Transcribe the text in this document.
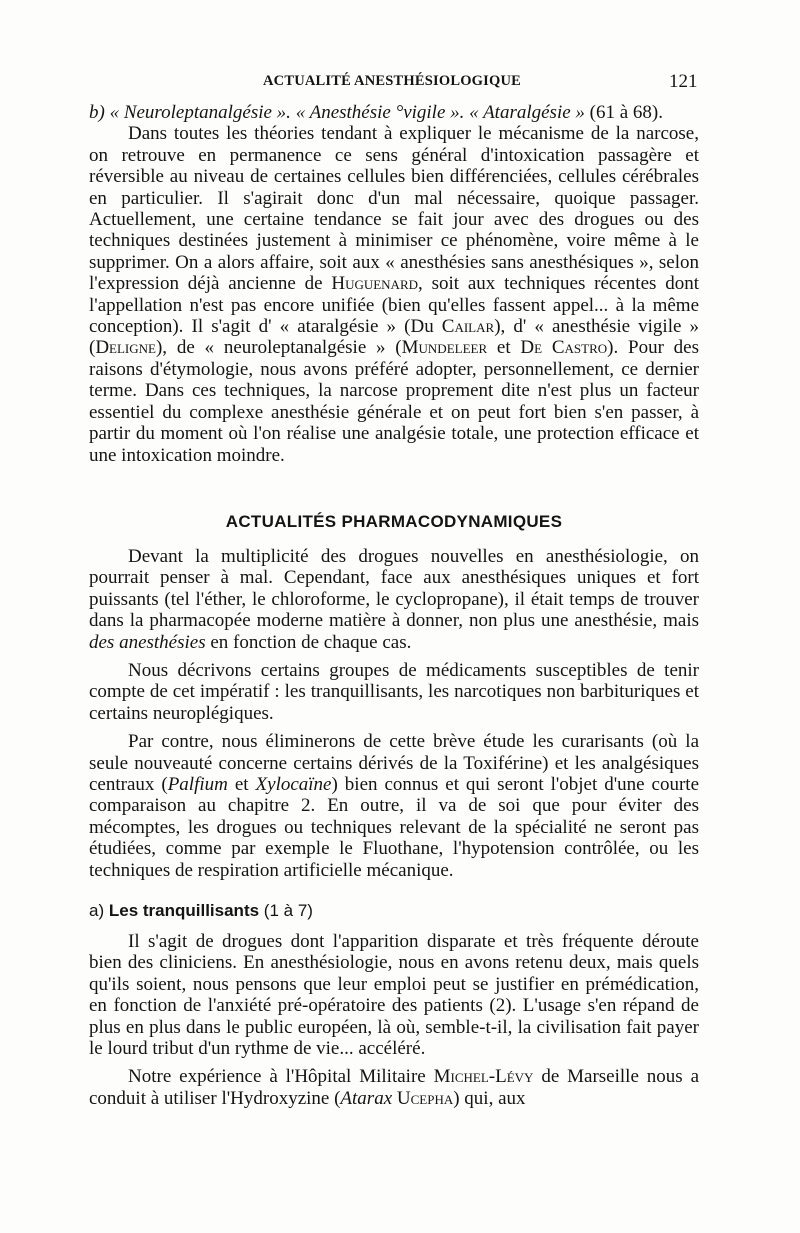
ACTUALITÉ ANESTHÉSIOLOGIQUE	121

b) « Neuroleptanalgésie ». « Anesthésie °vigile ». « Ataralgésie » (61 à 68).

Dans toutes les théories tendant à expliquer le mécanisme de la narcose, on retrouve en permanence ce sens général d'intoxication passagère et réversible au niveau de certaines cellules bien différenciées, cellules cérébrales en particulier. Il s'agirait donc d'un mal nécessaire, quoique passager. Actuellement, une certaine tendance se fait jour avec des drogues ou des techniques destinées justement à minimiser ce phénomène, voire même à le supprimer. On a alors affaire, soit aux « anesthésies sans anesthésiques », selon l'expression déjà ancienne de Huguenard, soit aux techniques récentes dont l'appellation n'est pas encore unifiée (bien qu'elles fassent appel... à la même conception). Il s'agit d' « ataralgésie » (Du Cailar), d' « anesthésie vigile » (Deligne), de « neuroleptanalgésie » (Mundeleer et De Castro). Pour des raisons d'étymologie, nous avons préféré adopter, personnellement, ce dernier terme. Dans ces techniques, la narcose proprement dite n'est plus un facteur essentiel du complexe anesthésie générale et on peut fort bien s'en passer, à partir du moment où l'on réalise une analgésie totale, une protection efficace et une intoxication moindre.

ACTUALITÉS PHARMACODYNAMIQUES

Devant la multiplicité des drogues nouvelles en anesthésiologie, on pourrait penser à mal. Cependant, face aux anesthésiques uniques et fort puissants (tel l'éther, le chloroforme, le cyclopropane), il était temps de trouver dans la pharmacopée moderne matière à donner, non plus une anesthésie, mais des anesthésies en fonction de chaque cas.

Nous décrivons certains groupes de médicaments susceptibles de tenir compte de cet impératif : les tranquillisants, les narcotiques non barbituriques et certains neuroplégiques.

Par contre, nous éliminerons de cette brève étude les curarisants (où la seule nouveauté concerne certains dérivés de la Toxiférine) et les analgésiques centraux (Palfium et Xylocaïne) bien connus et qui seront l'objet d'une courte comparaison au chapitre 2. En outre, il va de soi que pour éviter des mécomptes, les drogues ou techniques relevant de la spécialité ne seront pas étudiées, comme par exemple le Fluothane, l'hypotension contrôlée, ou les techniques de respiration artificielle mécanique.

a) Les tranquillisants (1 à 7)

Il s'agit de drogues dont l'apparition disparate et très fréquente déroute bien des cliniciens. En anesthésiologie, nous en avons retenu deux, mais quels qu'ils soient, nous pensons que leur emploi peut se justifier en prémédication, en fonction de l'anxiété pré-opératoire des patients (2). L'usage s'en répand de plus en plus dans le public européen, là où, semble-t-il, la civilisation fait payer le lourd tribut d'un rythme de vie... accéléré.

Notre expérience à l'Hôpital Militaire Michel-Lévy de Marseille nous a conduit à utiliser l'Hydroxyzine (Atarax Ucepha) qui, aux
